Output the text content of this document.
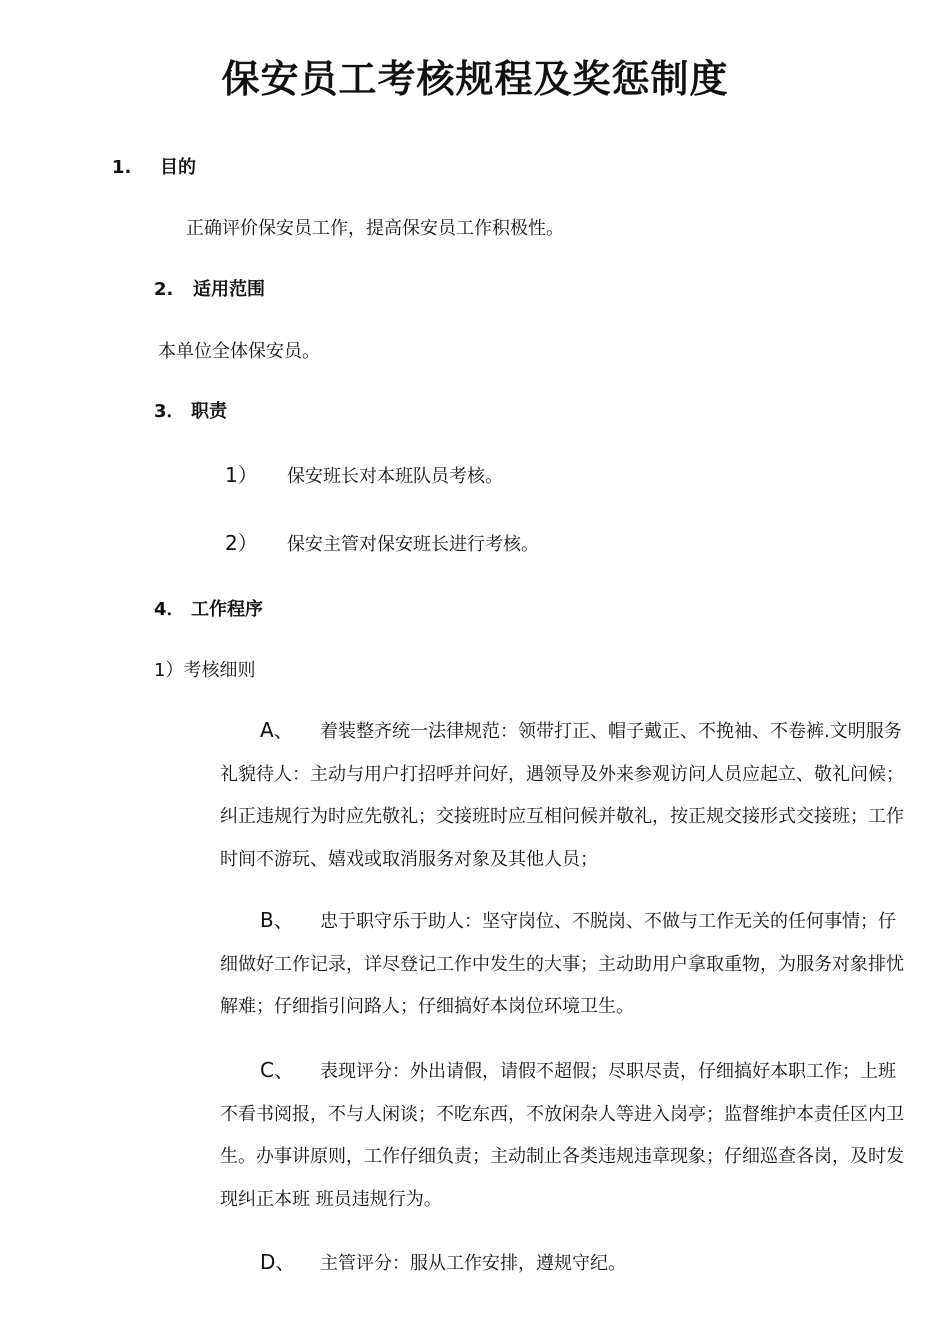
保安员工考核规程及奖惩制度
1. 目的
正确评价保安员工作，提高保安员工作积极性。
2. 适用范围
本单位全体保安员。
3． 职责
1） 保安班长对本班队员考核。
2） 保安主管对保安班长进行考核。
4． 工作程序
1）考核细则
A、 着装整齐统一法律规范：领带打正、帽子戴正、不挽袖、不卷裤.文明服务礼貌待人：主动与用户打招呼并问好，遇领导及外来参观访问人员应起立、敬礼问候；纠正违规行为时应先敬礼；交接班时应互相问候并敬礼，按正规交接形式交接班；工作时间不游玩、嬉戏或取消服务对象及其他人员；
B、 忠于职守乐于助人：坚守岗位、不脱岗、不做与工作无关的任何事情；仔细做好工作记录，详尽登记工作中发生的大事；主动助用户拿取重物，为服务对象排忧解难；仔细指引问路人；仔细搞好本岗位环境卫生。
C、 表现评分：外出请假，请假不超假；尽职尽责，仔细搞好本职工作；上班不看书阅报，不与人闲谈；不吃东西，不放闲杂人等进入岗亭；监督维护本责任区内卫生。办事讲原则，工作仔细负责；主动制止各类违规违章现象；仔细巡查各岗，及时发现纠正本班 班员违规行为。
D、 主管评分：服从工作安排，遵规守纪。
